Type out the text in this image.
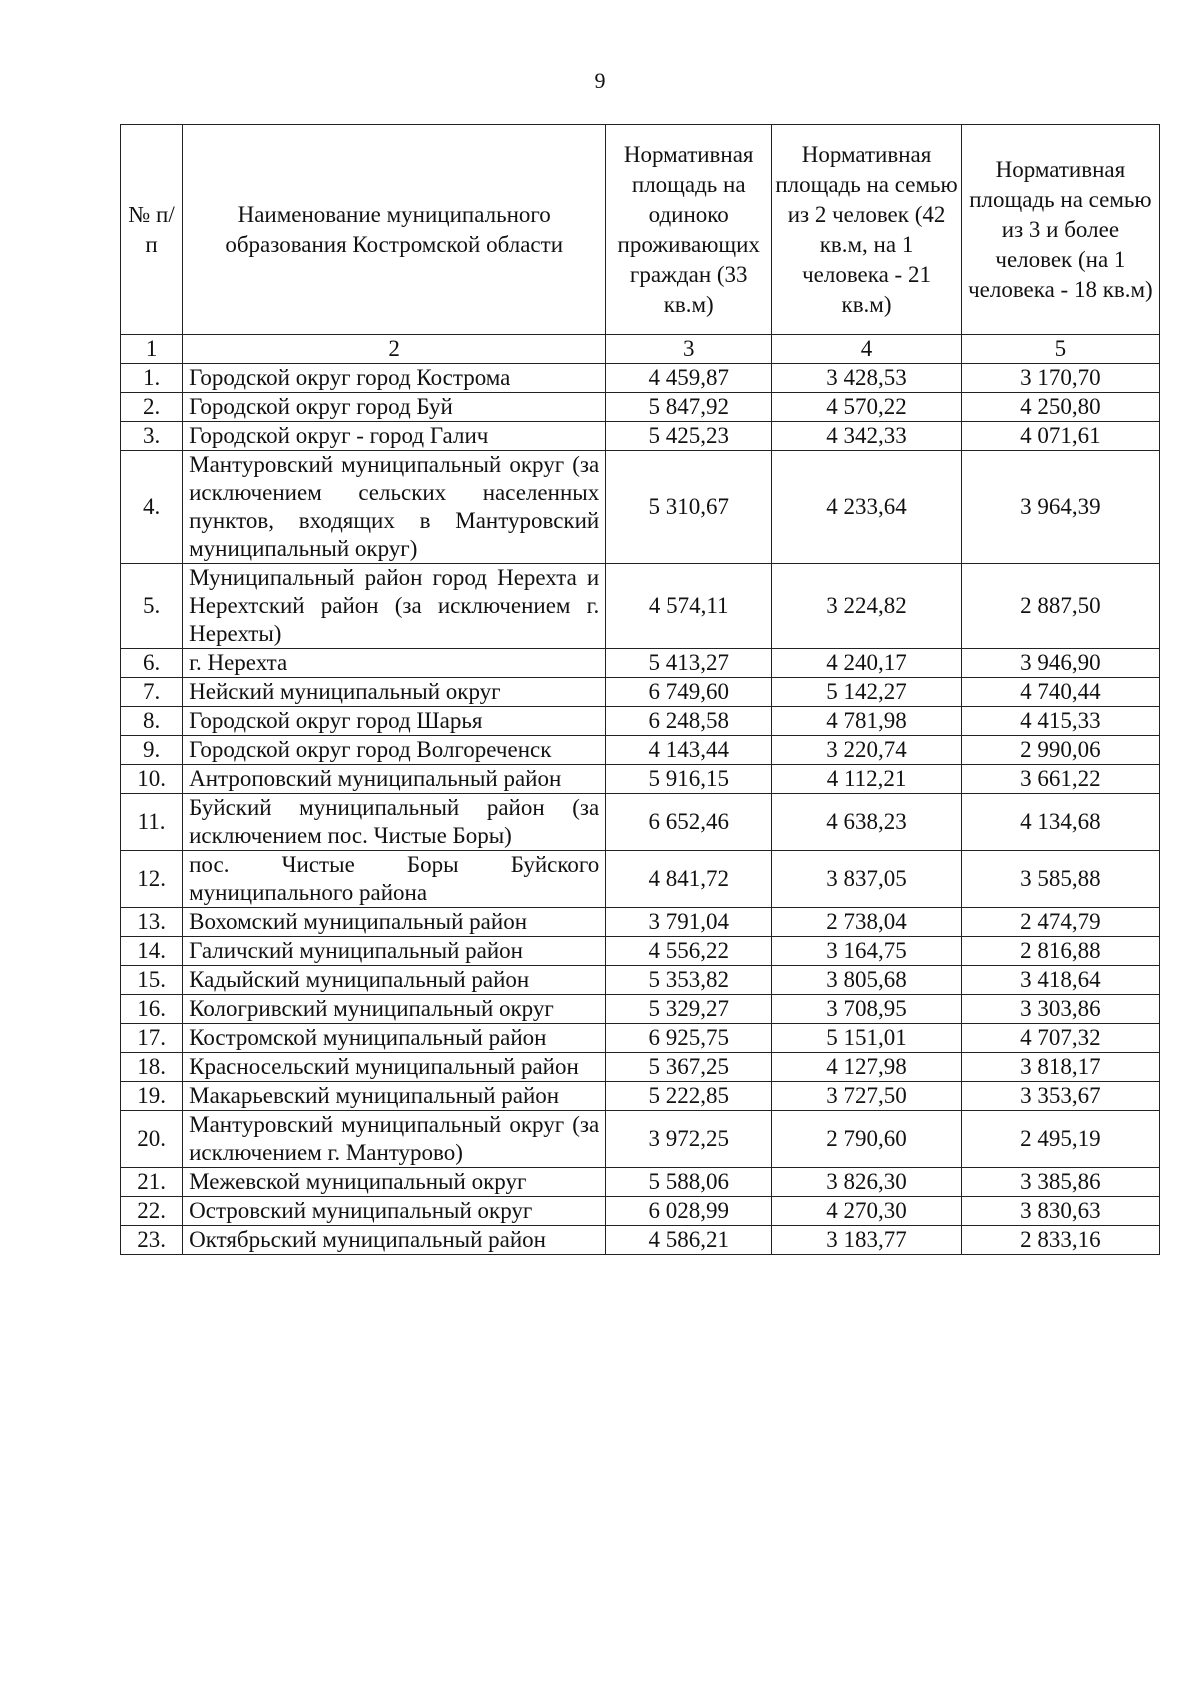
9
№ п/п	Наименование муниципального образования Костромской области	Нормативная площадь на одиноко проживающих граждан (33 кв.м)	Нормативная площадь на семью из 2 человек (42 кв.м, на 1 человека - 21 кв.м)	Нормативная площадь на семью из 3 и более человек (на 1 человека - 18 кв.м)
1	2	3	4	5
1.	Городской округ город Кострома	4 459,87	3 428,53	3 170,70
2.	Городской округ город Буй	5 847,92	4 570,22	4 250,80
3.	Городской округ - город Галич	5 425,23	4 342,33	4 071,61
4.	Мантуровский муниципальный округ (за исключением сельских населенных пунктов, входящих в Мантуровский муниципальный округ)	5 310,67	4 233,64	3 964,39
5.	Муниципальный район город Нерехта и Нерехтский район (за исключением г. Нерехты)	4 574,11	3 224,82	2 887,50
6.	г. Нерехта	5 413,27	4 240,17	3 946,90
7.	Нейский муниципальный округ	6 749,60	5 142,27	4 740,44
8.	Городской округ город Шарья	6 248,58	4 781,98	4 415,33
9.	Городской округ город Волгореченск	4 143,44	3 220,74	2 990,06
10.	Антроповский муниципальный район	5 916,15	4 112,21	3 661,22
11.	Буйский муниципальный район (за исключением пос. Чистые Боры)	6 652,46	4 638,23	4 134,68
12.	пос. Чистые Боры Буйского муниципального района	4 841,72	3 837,05	3 585,88
13.	Вохомский муниципальный район	3 791,04	2 738,04	2 474,79
14.	Галичский муниципальный район	4 556,22	3 164,75	2 816,88
15.	Кадыйский муниципальный район	5 353,82	3 805,68	3 418,64
16.	Кологривский муниципальный округ	5 329,27	3 708,95	3 303,86
17.	Костромской муниципальный район	6 925,75	5 151,01	4 707,32
18.	Красносельский муниципальный район	5 367,25	4 127,98	3 818,17
19.	Макарьевский муниципальный район	5 222,85	3 727,50	3 353,67
20.	Мантуровский муниципальный округ (за исключением г. Мантурово)	3 972,25	2 790,60	2 495,19
21.	Межевской муниципальный округ	5 588,06	3 826,30	3 385,86
22.	Островский муниципальный округ	6 028,99	4 270,30	3 830,63
23.	Октябрьский муниципальный район	4 586,21	3 183,77	2 833,16
